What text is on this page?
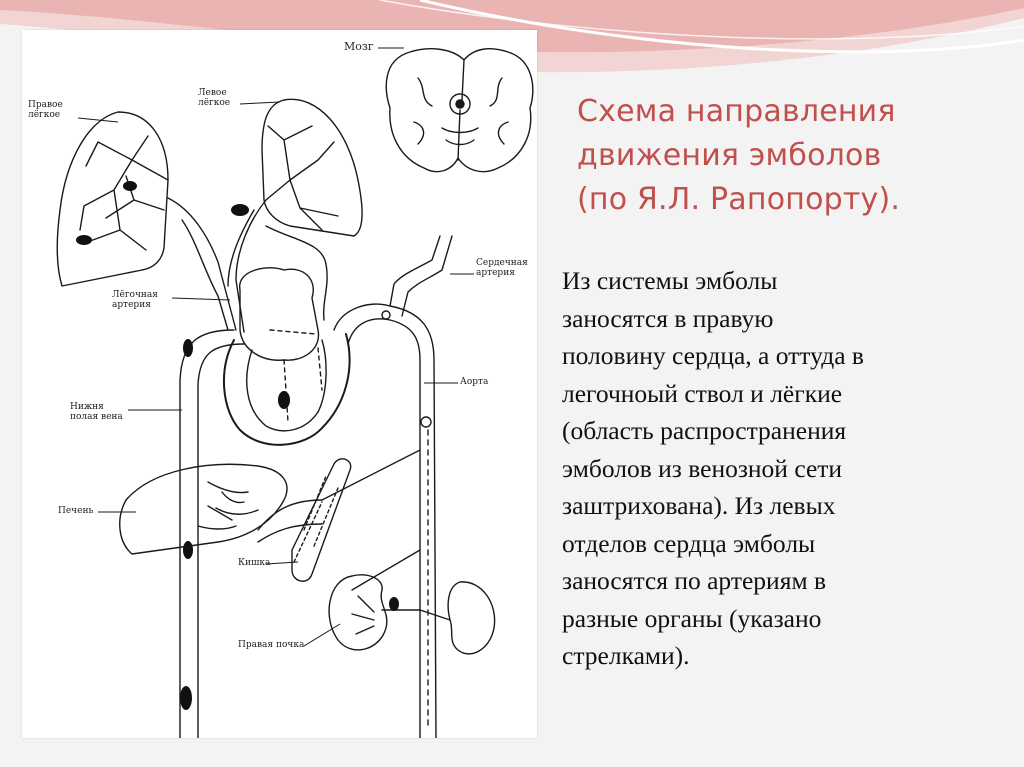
Мозг
Правое
лёгкое
Левое
лёгкое
Лёгочная
артерия
Сердечная
артерия
Нижня
полая вена
Аорта
Печень
Кишка
Правая почка
Схема направления
движения эмболов
(по Я.Л. Рапопорту).
Из системы эмболы
заносятся в правую
половину сердца, а оттуда в
легочноый ствол и лёгкие
(область распространения
эмболов из венозной сети
заштрихована). Из левых
отделов сердца эмболы
заносятся по артериям в
разные органы (указано
стрелками).
